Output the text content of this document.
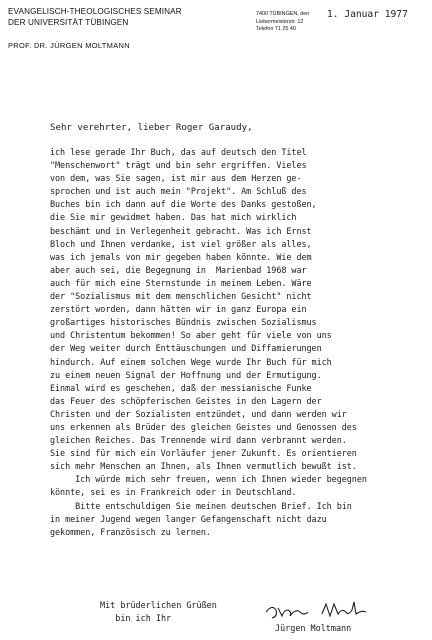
EVANGELISCH-THEOLOGISCHES SEMINAR
DER UNIVERSITÄT TÜBINGEN
PROF. DR. JÜRGEN MOLTMANN
7400 TÜBINGEN, den
Liebermeisterstr. 12
Telefon 71 25 40
1. Januar 1977
Sehr verehrter, lieber Roger Garaudy,
ich lese gerade Ihr Buch, das auf deutsch den Titel
"Menschenwort" trägt und bin sehr ergriffen. Vieles
von dem, was Sie sagen, ist mir aus dem Herzen ge-
sprochen und ist auch mein "Projekt". Am Schluß des
Buches bin ich dann auf die Worte des Danks gestoßen,
die Sie mir gewidmet haben. Das hat mich wirklich
beschämt und in Verlegenheit gebracht. Was ich Ernst
Bloch und Ihnen verdanke, ist viel größer als alles,
was ich jemals von mir gegeben haben könnte. Wie dem
aber auch sei, die Begegnung in  Marienbad 1968 war
auch für mich eine Sternstunde in meinem Leben. Wäre
der "Sozialismus mit dem menschlichen Gesicht" nicht
zerstört worden, dann hätten wir in ganz Europa ein
großartiges historisches Bündnis zwischen Sozialismus
und Christentum bekommen! So aber geht für viele von uns
der Weg weiter durch Enttäuschungen und Diffamierungen
hindurch. Auf einem solchen Wege wurde Ihr Buch für mich
zu einem neuen Signal der Hoffnung und der Ermutigung.
Einmal wird es geschehen, daß der messianische Funke
das Feuer des schöpferischen Geistes in den Lagern der
Christen und der Sozialisten entzündet, und dann werden wir
uns erkennen als Brüder des gleichen Geistes und Genossen des
gleichen Reiches. Das Trennende wird dann verbrannt werden.
Sie sind für mich ein Vorläufer jener Zukunft. Es orientieren
sich mehr Menschen an Ihnen, als Ihnen vermutlich bewußt ist.
Ich würde mich sehr freuen, wenn ich Ihnen wieder begegnen
könnte, sei es in Frankreich oder in Deutschland.
Bitte entschuldigen Sie meinen deutschen Brief. Ich bin
in meiner Jugend wegen langer Gefangenschaft nicht dazu
gekommen, Französisch zu lernen.
Mit brüderlichen Grüßen
bin ich Ihr
Jürgen Moltmann
